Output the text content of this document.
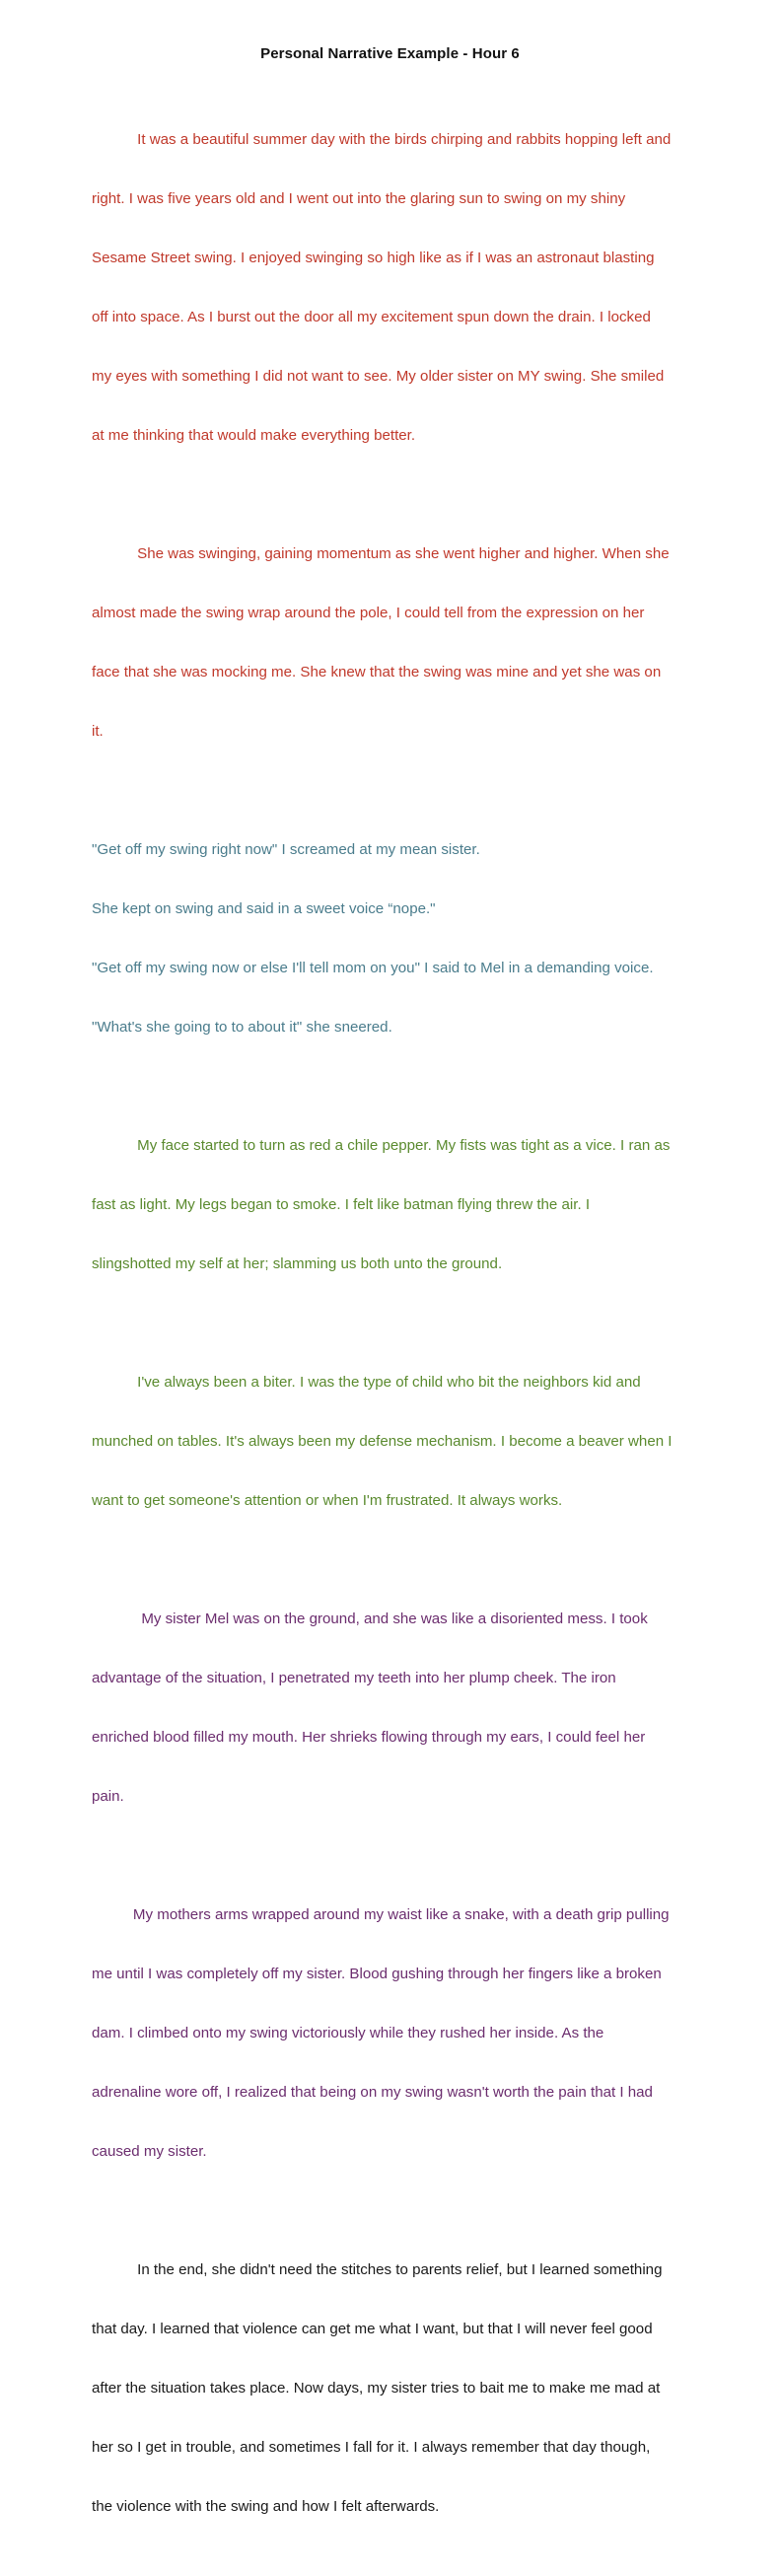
Personal Narrative Example - Hour 6

It was a beautiful summer day with the birds chirping and rabbits hopping left and

right. I was five years old and I went out into the glaring sun to swing on my shiny

Sesame Street swing. I enjoyed swinging so high like as if I was an astronaut blasting

off into space. As I burst out the door all my excitement spun down the drain. I locked

my eyes with something I did not want to see. My older sister on MY swing. She smiled

at me thinking that would make everything better.

She was swinging, gaining momentum as she went higher and higher. When she

almost made the swing wrap around the pole, I could tell from the expression on her

face that she was mocking me. She knew that the swing was mine and yet she was on

it.

"Get off my swing right now" I screamed at my mean sister.

She kept on swing and said in a sweet voice “nope."

"Get off my swing now or else I'll tell mom on you" I said to Mel in a demanding voice.

"What's she going to to about it" she sneered.

My face started to turn as red a chile pepper. My fists was tight as a vice. I ran as

fast as light. My legs began to smoke. I felt like batman flying threw the air. I

slingshotted my self at her; slamming us both unto the ground.

I've always been a biter. I was the type of child who bit the neighbors kid and

munched on tables. It's always been my defense mechanism. I become a beaver when I

want to get someone's attention or when I'm frustrated. It always works.

My sister Mel was on the ground, and she was like a disoriented mess. I took

advantage of the situation, I penetrated my teeth into her plump cheek. The iron

enriched blood filled my mouth. Her shrieks flowing through my ears, I could feel her

pain.

My mothers arms wrapped around my waist like a snake, with a death grip pulling

me until I was completely off my sister. Blood gushing through her fingers like a broken

dam. I climbed onto my swing victoriously while they rushed her inside. As the

adrenaline wore off, I realized that being on my swing wasn't worth the pain that I had

caused my sister.

In the end, she didn't need the stitches to parents relief, but I learned something

that day. I learned that violence can get me what I want, but that I will never feel good

after the situation takes place. Now days, my sister tries to bait me to make me mad at

her so I get in trouble, and sometimes I fall for it. I always remember that day though,

the violence with the swing and how I felt afterwards.
